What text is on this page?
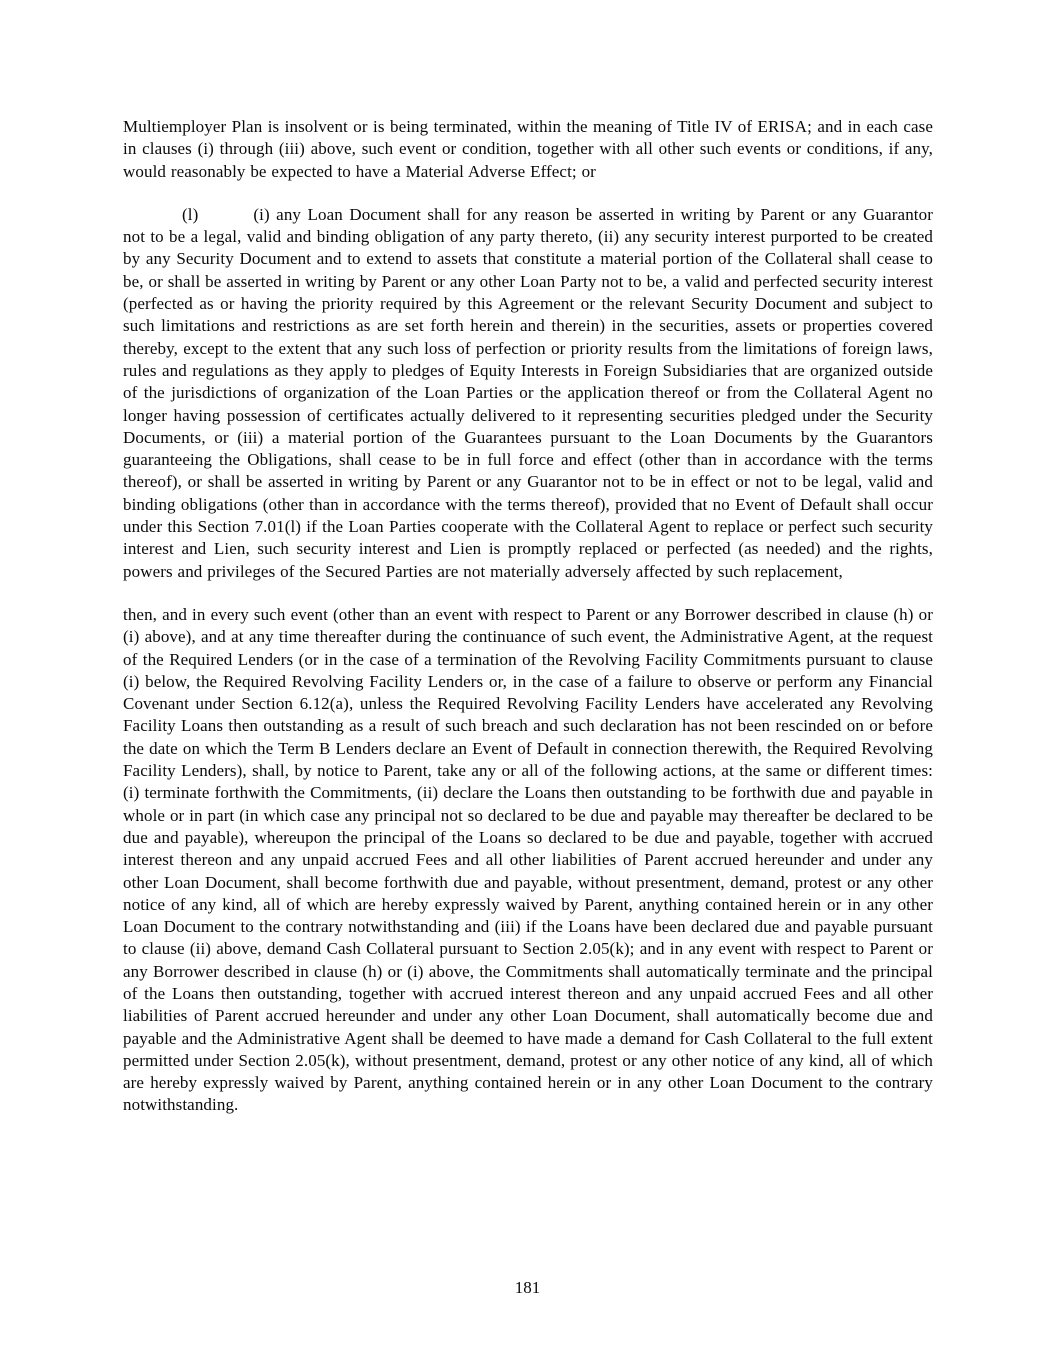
Multiemployer Plan is insolvent or is being terminated, within the meaning of Title IV of ERISA; and in each case in clauses (i) through (iii) above, such event or condition, together with all other such events or conditions, if any, would reasonably be expected to have a Material Adverse Effect; or

(l)	(i) any Loan Document shall for any reason be asserted in writing by Parent or any Guarantor not to be a legal, valid and binding obligation of any party thereto, (ii) any security interest purported to be created by any Security Document and to extend to assets that constitute a material portion of the Collateral shall cease to be, or shall be asserted in writing by Parent or any other Loan Party not to be, a valid and perfected security interest (perfected as or having the priority required by this Agreement or the relevant Security Document and subject to such limitations and restrictions as are set forth herein and therein) in the securities, assets or properties covered thereby, except to the extent that any such loss of perfection or priority results from the limitations of foreign laws, rules and regulations as they apply to pledges of Equity Interests in Foreign Subsidiaries that are organized outside of the jurisdictions of organization of the Loan Parties or the application thereof or from the Collateral Agent no longer having possession of certificates actually delivered to it representing securities pledged under the Security Documents, or (iii) a material portion of the Guarantees pursuant to the Loan Documents by the Guarantors guaranteeing the Obligations, shall cease to be in full force and effect (other than in accordance with the terms thereof), or shall be asserted in writing by Parent or any Guarantor not to be in effect or not to be legal, valid and binding obligations (other than in accordance with the terms thereof), provided that no Event of Default shall occur under this Section 7.01(l) if the Loan Parties cooperate with the Collateral Agent to replace or perfect such security interest and Lien, such security interest and Lien is promptly replaced or perfected (as needed) and the rights, powers and privileges of the Secured Parties are not materially adversely affected by such replacement,

then, and in every such event (other than an event with respect to Parent or any Borrower described in clause (h) or (i) above), and at any time thereafter during the continuance of such event, the Administrative Agent, at the request of the Required Lenders (or in the case of a termination of the Revolving Facility Commitments pursuant to clause (i) below, the Required Revolving Facility Lenders or, in the case of a failure to observe or perform any Financial Covenant under Section 6.12(a), unless the Required Revolving Facility Lenders have accelerated any Revolving Facility Loans then outstanding as a result of such breach and such declaration has not been rescinded on or before the date on which the Term B Lenders declare an Event of Default in connection therewith, the Required Revolving Facility Lenders), shall, by notice to Parent, take any or all of the following actions, at the same or different times: (i) terminate forthwith the Commitments, (ii) declare the Loans then outstanding to be forthwith due and payable in whole or in part (in which case any principal not so declared to be due and payable may thereafter be declared to be due and payable), whereupon the principal of the Loans so declared to be due and payable, together with accrued interest thereon and any unpaid accrued Fees and all other liabilities of Parent accrued hereunder and under any other Loan Document, shall become forthwith due and payable, without presentment, demand, protest or any other notice of any kind, all of which are hereby expressly waived by Parent, anything contained herein or in any other Loan Document to the contrary notwithstanding and (iii) if the Loans have been declared due and payable pursuant to clause (ii) above, demand Cash Collateral pursuant to Section 2.05(k); and in any event with respect to Parent or any Borrower described in clause (h) or (i) above, the Commitments shall automatically terminate and the principal of the Loans then outstanding, together with accrued interest thereon and any unpaid accrued Fees and all other liabilities of Parent accrued hereunder and under any other Loan Document, shall automatically become due and payable and the Administrative Agent shall be deemed to have made a demand for Cash Collateral to the full extent permitted under Section 2.05(k), without presentment, demand, protest or any other notice of any kind, all of which are hereby expressly waived by Parent, anything contained herein or in any other Loan Document to the contrary notwithstanding.

181
